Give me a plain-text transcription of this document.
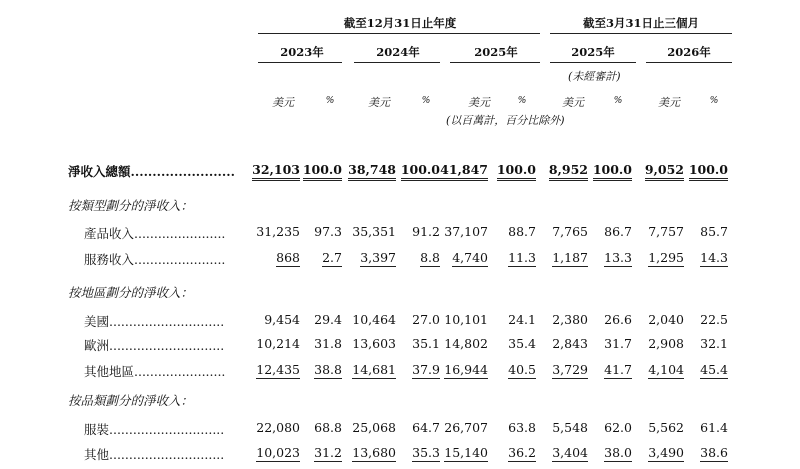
截至12月31日止年度	截至3月31日止三個月
2023年	2024年	2025年	2025年	2026年
(未經審計)
美元	%	美元	%	美元	%	美元	%	美元	%
(以百萬計，百分比除外)
淨收入總額........................ 32,103 100.0 38,748 100.0 41,847 100.0 8,952 100.0 9,052 100.0
按類型劃分的淨收入：
產品收入....................... 31,235 97.3 35,351 91.2 37,107 88.7 7,765 86.7 7,757 85.7
服務收入.......................	868 2.7 3,397 8.8 4,740 11.3 1,187 13.3 1,295 14.3
按地區劃分的淨收入：
美國.............................	9,454 29.4 10,464 27.0 10,101 24.1 2,380 26.6 2,040 22.5
歐洲.............................	10,214 31.8 13,603 35.1 14,802 35.4 2,843 31.7 2,908 32.1
其他地區....................... 12,435 38.8 14,681 37.9 16,944 40.5 3,729 41.7 4,104 45.4
按品類劃分的淨收入：
服裝.............................	22,080 68.8 25,068 64.7 26,707 63.8 5,548 62.0 5,562 61.4
其他.............................	10,023 31.2 13,680 35.3 15,140 36.2 3,404 38.0 3,490 38.6
